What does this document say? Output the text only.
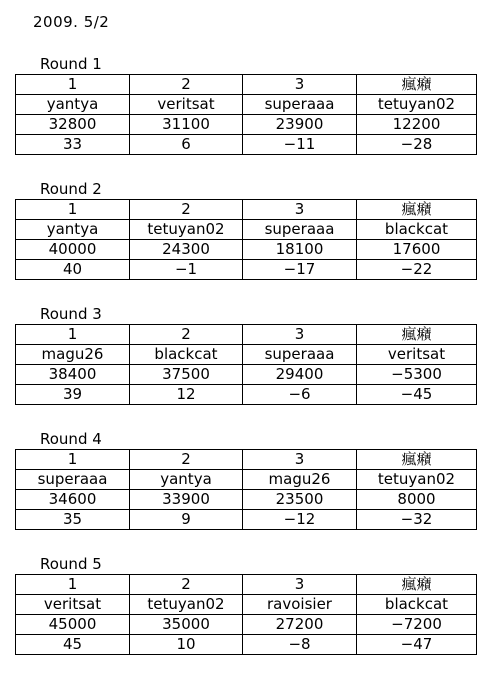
2009. 5/2
Round 1
1	2	3	瘋癪
yantya	veritsat	superaaa	tetuyan02
32800	31100	23900	12200
33	6	−11	−28
Round 2
1	2	3	瘋癪
yantya	tetuyan02	superaaa	blackcat
40000	24300	18100	17600
40	−1	−17	−22
Round 3
1	2	3	瘋癪
magu26	blackcat	superaaa	veritsat
38400	37500	29400	−5300
39	12	−6	−45
Round 4
1	2	3	瘋癪
superaaa	yantya	magu26	tetuyan02
34600	33900	23500	8000
35	9	−12	−32
Round 5
1	2	3	瘋癪
veritsat	tetuyan02	ravoisier	blackcat
45000	35000	27200	−7200
45	10	−8	−47
